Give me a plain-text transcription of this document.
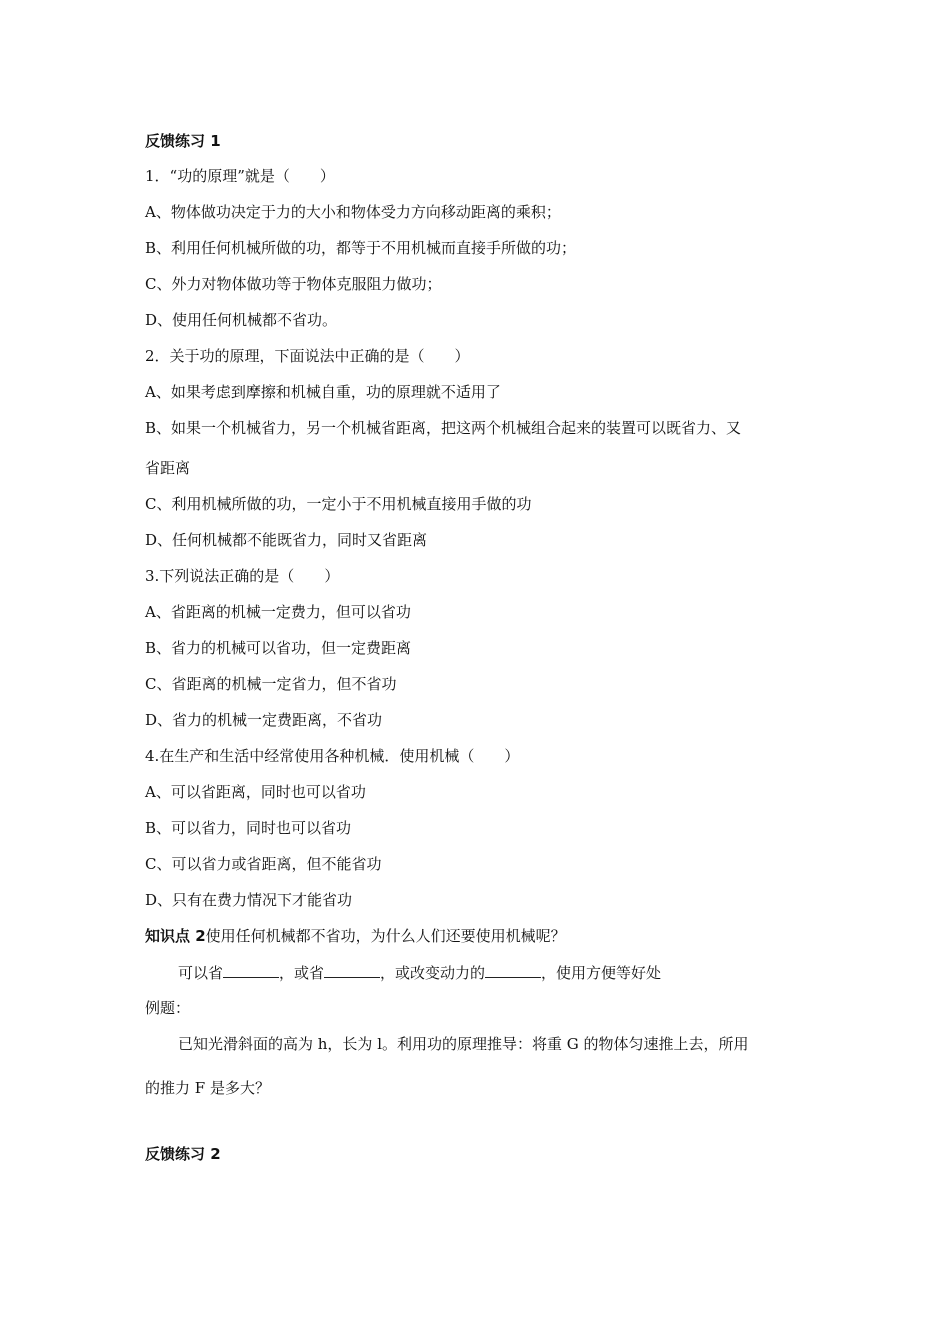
反馈练习 1
1．“功的原理”就是（　　）
A、物体做功决定于力的大小和物体受力方向移动距离的乘积；
B、利用任何机械所做的功，都等于不用机械而直接手所做的功；
C、外力对物体做功等于物体克服阻力做功；
D、使用任何机械都不省功。
2．关于功的原理，下面说法中正确的是（　　）
A、如果考虑到摩擦和机械自重，功的原理就不适用了
B、如果一个机械省力，另一个机械省距离，把这两个机械组合起来的装置可以既省力、又
省距离
C、利用机械所做的功，一定小于不用机械直接用手做的功
D、任何机械都不能既省力，同时又省距离
3.下列说法正确的是（　　）
A、省距离的机械一定费力，但可以省功
B、省力的机械可以省功，但一定费距离
C、省距离的机械一定省力，但不省功
D、省力的机械一定费距离，不省功
4.在生产和生活中经常使用各种机械．使用机械（　　）
A、可以省距离，同时也可以省功
B、可以省力，同时也可以省功
C、可以省力或省距离，但不能省功
D、只有在费力情况下才能省功
知识点 2使用任何机械都不省功，为什么人们还要使用机械呢？
可以省	，或省	，或改变动力的	，使用方便等好处
例题：
已知光滑斜面的高为 h，长为 l。利用功的原理推导：将重 G 的物体匀速推上去，所用
的推力 F 是多大？
反馈练习 2
